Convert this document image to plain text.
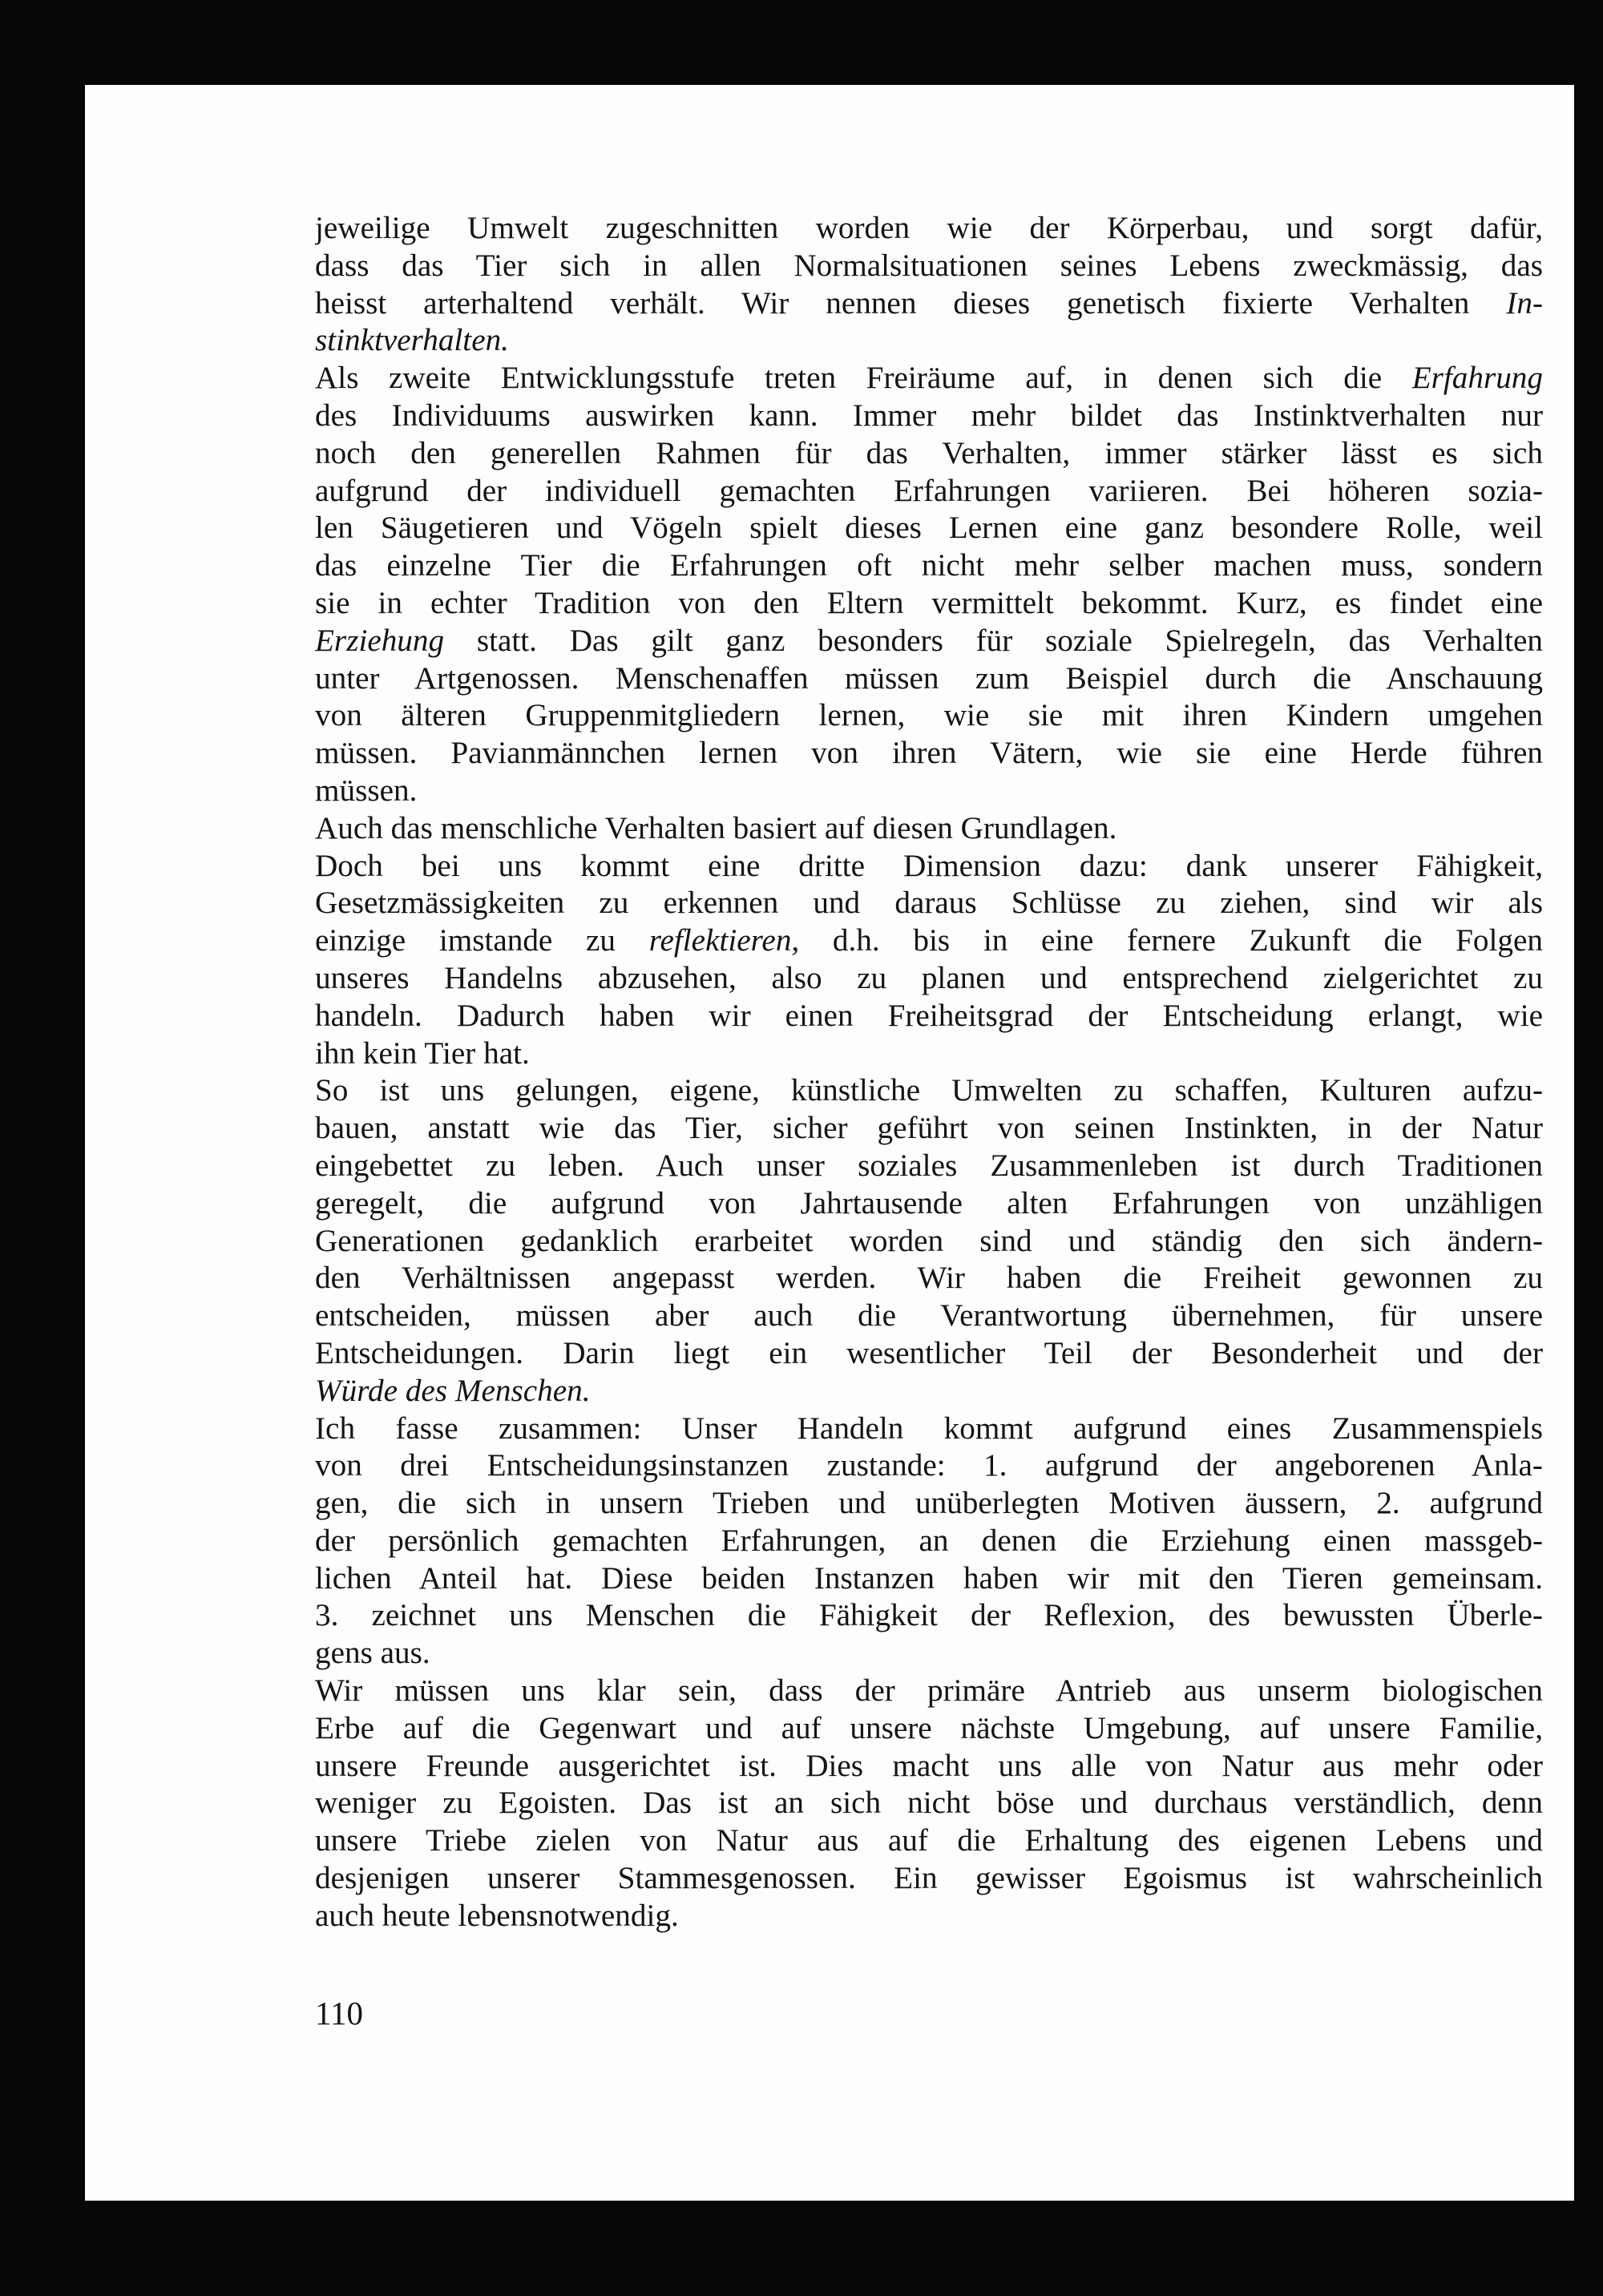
jeweilige Umwelt zugeschnitten worden wie der Körperbau, und sorgt dafür,
dass das Tier sich in allen Normalsituationen seines Lebens zweckmässig, das
heisst arterhaltend verhält. Wir nennen dieses genetisch fixierte Verhalten In-
stinktverhalten.
Als zweite Entwicklungsstufe treten Freiräume auf, in denen sich die Erfahrung
des Individuums auswirken kann. Immer mehr bildet das Instinktverhalten nur
noch den generellen Rahmen für das Verhalten, immer stärker lässt es sich
aufgrund der individuell gemachten Erfahrungen variieren. Bei höheren sozia-
len Säugetieren und Vögeln spielt dieses Lernen eine ganz besondere Rolle, weil
das einzelne Tier die Erfahrungen oft nicht mehr selber machen muss, sondern
sie in echter Tradition von den Eltern vermittelt bekommt. Kurz, es findet eine
Erziehung statt. Das gilt ganz besonders für soziale Spielregeln, das Verhalten
unter Artgenossen. Menschenaffen müssen zum Beispiel durch die Anschauung
von älteren Gruppenmitgliedern lernen, wie sie mit ihren Kindern umgehen
müssen. Pavianmännchen lernen von ihren Vätern, wie sie eine Herde führen
müssen.
Auch das menschliche Verhalten basiert auf diesen Grundlagen.
Doch bei uns kommt eine dritte Dimension dazu: dank unserer Fähigkeit,
Gesetzmässigkeiten zu erkennen und daraus Schlüsse zu ziehen, sind wir als
einzige imstande zu reflektieren, d.h. bis in eine fernere Zukunft die Folgen
unseres Handelns abzusehen, also zu planen und entsprechend zielgerichtet zu
handeln. Dadurch haben wir einen Freiheitsgrad der Entscheidung erlangt, wie
ihn kein Tier hat.
So ist uns gelungen, eigene, künstliche Umwelten zu schaffen, Kulturen aufzu-
bauen, anstatt wie das Tier, sicher geführt von seinen Instinkten, in der Natur
eingebettet zu leben. Auch unser soziales Zusammenleben ist durch Traditionen
geregelt, die aufgrund von Jahrtausende alten Erfahrungen von unzähligen
Generationen gedanklich erarbeitet worden sind und ständig den sich ändern-
den Verhältnissen angepasst werden. Wir haben die Freiheit gewonnen zu
entscheiden, müssen aber auch die Verantwortung übernehmen, für unsere
Entscheidungen. Darin liegt ein wesentlicher Teil der Besonderheit und der
Würde des Menschen.
Ich fasse zusammen: Unser Handeln kommt aufgrund eines Zusammenspiels
von drei Entscheidungsinstanzen zustande: 1. aufgrund der angeborenen Anla-
gen, die sich in unsern Trieben und unüberlegten Motiven äussern, 2. aufgrund
der persönlich gemachten Erfahrungen, an denen die Erziehung einen massgeb-
lichen Anteil hat. Diese beiden Instanzen haben wir mit den Tieren gemeinsam.
3. zeichnet uns Menschen die Fähigkeit der Reflexion, des bewussten Überle-
gens aus.
Wir müssen uns klar sein, dass der primäre Antrieb aus unserm biologischen
Erbe auf die Gegenwart und auf unsere nächste Umgebung, auf unsere Familie,
unsere Freunde ausgerichtet ist. Dies macht uns alle von Natur aus mehr oder
weniger zu Egoisten. Das ist an sich nicht böse und durchaus verständlich, denn
unsere Triebe zielen von Natur aus auf die Erhaltung des eigenen Lebens und
desjenigen unserer Stammesgenossen. Ein gewisser Egoismus ist wahrscheinlich
auch heute lebensnotwendig.
110
